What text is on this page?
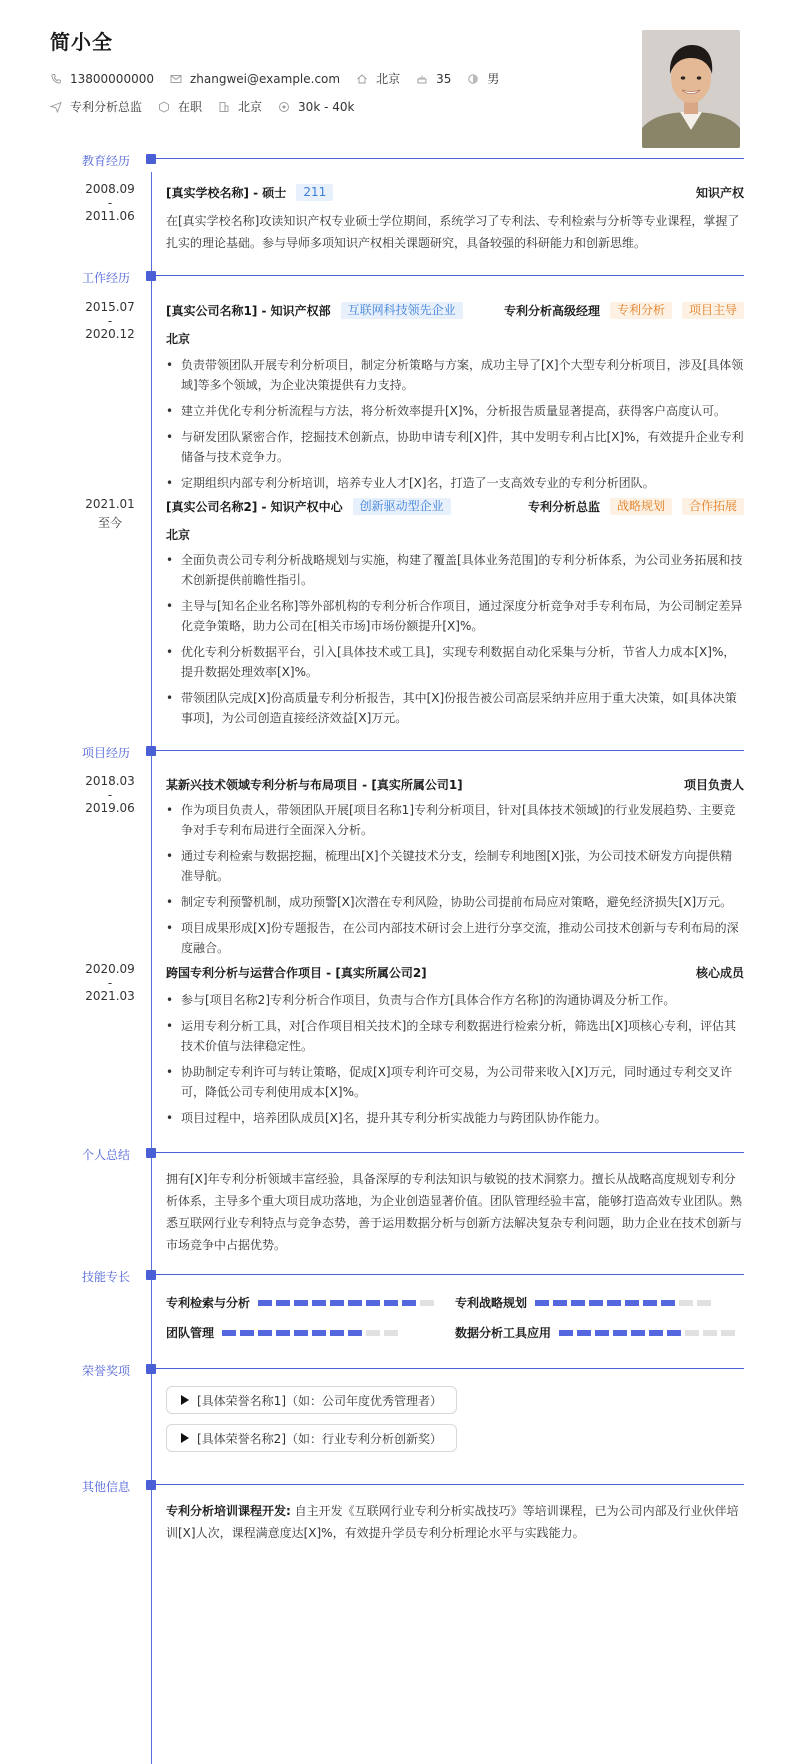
简小全
13800000000	zhangwei@example.com	北京	35	男
专利分析总监	在职	北京	30k - 40k
教育经历
2008.09
-
2011.06
[真实学校名称] - 硕士	211	知识产权
在[真实学校名称]攻读知识产权专业硕士学位期间，系统学习了专利法、专利检索与分析等专业课程，掌握了扎实的理论基础。参与导师多项知识产权相关课题研究，具备较强的科研能力和创新思维。
工作经历
2015.07
-
2020.12
[真实公司名称1] - 知识产权部	互联网科技领先企业	专利分析高级经理	专利分析	项目主导
北京
• 负责带领团队开展专利分析项目，制定分析策略与方案，成功主导了[X]个大型专利分析项目，涉及[具体领域]等多个领域，为企业决策提供有力支持。
• 建立并优化专利分析流程与方法，将分析效率提升[X]%，分析报告质量显著提高，获得客户高度认可。
• 与研发团队紧密合作，挖掘技术创新点，协助申请专利[X]件，其中发明专利占比[X]%，有效提升企业专利储备与技术竞争力。
• 定期组织内部专利分析培训，培养专业人才[X]名，打造了一支高效专业的专利分析团队。
2021.01
至今
[真实公司名称2] - 知识产权中心	创新驱动型企业	专利分析总监	战略规划	合作拓展
北京
• 全面负责公司专利分析战略规划与实施，构建了覆盖[具体业务范围]的专利分析体系，为公司业务拓展和技术创新提供前瞻性指引。
• 主导与[知名企业名称]等外部机构的专利分析合作项目，通过深度分析竞争对手专利布局，为公司制定差异化竞争策略，助力公司在[相关市场]市场份额提升[X]%。
• 优化专利分析数据平台，引入[具体技术或工具]，实现专利数据自动化采集与分析，节省人力成本[X]%，提升数据处理效率[X]%。
• 带领团队完成[X]份高质量专利分析报告，其中[X]份报告被公司高层采纳并应用于重大决策，如[具体决策事项]，为公司创造直接经济效益[X]万元。
项目经历
2018.03
-
2019.06
某新兴技术领域专利分析与布局项目 - [真实所属公司1]	项目负责人
• 作为项目负责人，带领团队开展[项目名称1]专利分析项目，针对[具体技术领域]的行业发展趋势、主要竞争对手专利布局进行全面深入分析。
• 通过专利检索与数据挖掘，梳理出[X]个关键技术分支，绘制专利地图[X]张，为公司技术研发方向提供精准导航。
• 制定专利预警机制，成功预警[X]次潜在专利风险，协助公司提前布局应对策略，避免经济损失[X]万元。
• 项目成果形成[X]份专题报告，在公司内部技术研讨会上进行分享交流，推动公司技术创新与专利布局的深度融合。
2020.09
-
2021.03
跨国专利分析与运营合作项目 - [真实所属公司2]	核心成员
• 参与[项目名称2]专利分析合作项目，负责与合作方[具体合作方名称]的沟通协调及分析工作。
• 运用专利分析工具，对[合作项目相关技术]的全球专利数据进行检索分析，筛选出[X]项核心专利，评估其技术价值与法律稳定性。
• 协助制定专利许可与转让策略，促成[X]项专利许可交易，为公司带来收入[X]万元，同时通过专利交叉许可，降低公司专利使用成本[X]%。
• 项目过程中，培养团队成员[X]名，提升其专利分析实战能力与跨团队协作能力。
个人总结
拥有[X]年专利分析领域丰富经验，具备深厚的专利法知识与敏锐的技术洞察力。擅长从战略高度规划专利分析体系，主导多个重大项目成功落地，为企业创造显著价值。团队管理经验丰富，能够打造高效专业团队。熟悉互联网行业专利特点与竞争态势，善于运用数据分析与创新方法解决复杂专利问题，助力企业在技术创新与市场竞争中占据优势。
技能专长
专利检索与分析	专利战略规划
团队管理	数据分析工具应用
荣誉奖项
[具体荣誉名称1]（如：公司年度优秀管理者）
[具体荣誉名称2]（如：行业专利分析创新奖）
其他信息
专利分析培训课程开发: 自主开发《互联网行业专利分析实战技巧》等培训课程，已为公司内部及行业伙伴培训[X]人次，课程满意度达[X]%，有效提升学员专利分析理论水平与实践能力。
